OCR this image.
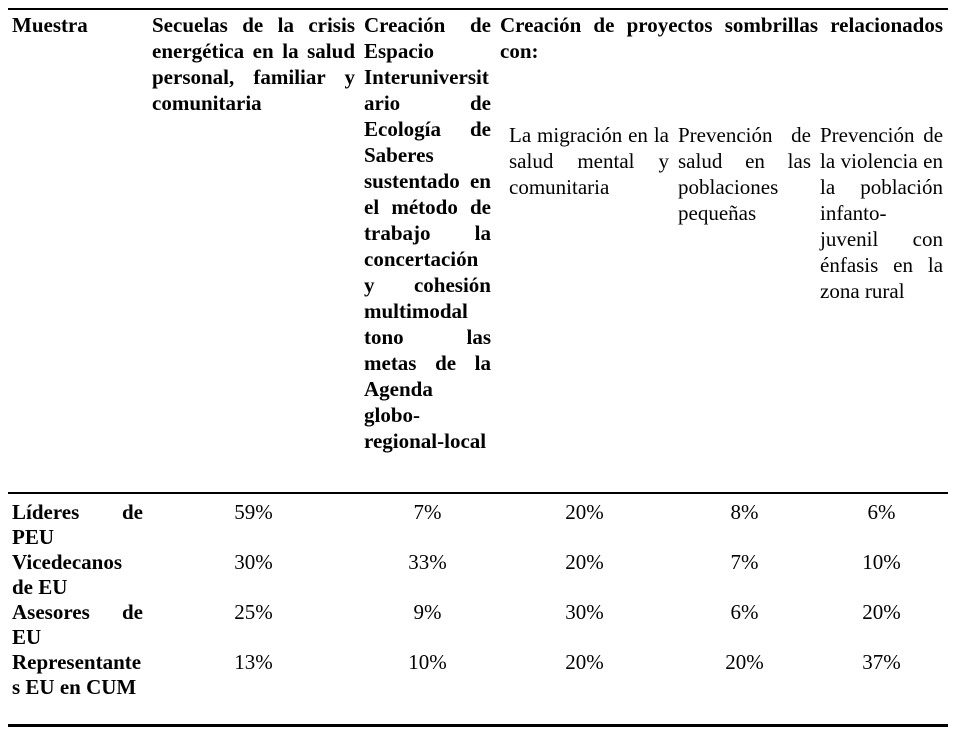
Muestra	Secuelas de la crisis energética en la salud personal, familiar y comunitaria	Creación de Espacio Interuniversitario de Ecología de Saberes sustentado en el método de trabajo la concertación y cohesión multimodal tono las metas de la Agenda globo-regional-local	Creación de proyectos sombrillas relacionados con:		
			La migración en la salud mental y comunitaria	Prevención de salud en las poblaciones pequeñas	Prevención de la violencia en la población infanto-juvenil con énfasis en la zona rural
Líderes de PEU	59%	7%	20%	8%	6%
Vicedecanos de EU	30%	33%	20%	7%	10%
Asesores de EU	25%	9%	30%	6%	20%
Representantes EU en CUM	13%	10%	20%	20%	37%
